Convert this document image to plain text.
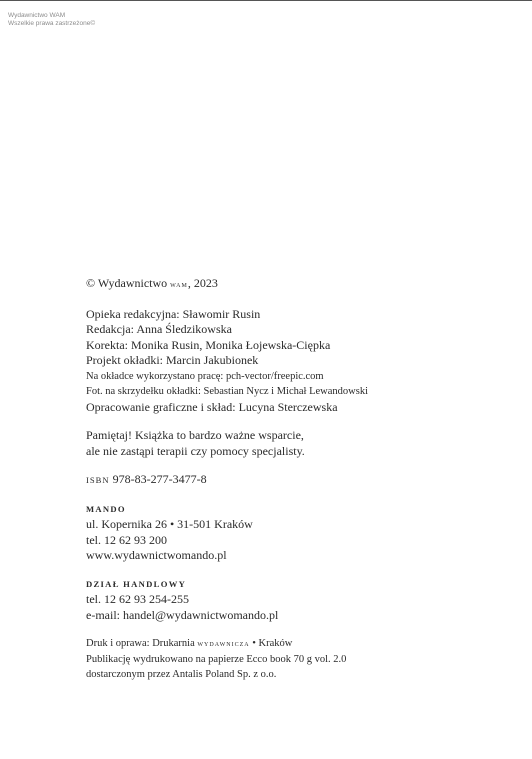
Wydawnictwo WAM
Wszelkie prawa zastrzeżone©
© Wydawnictwo wam, 2023
Opieka redakcyjna: Sławomir Rusin
Redakcja: Anna Śledzikowska
Korekta: Monika Rusin, Monika Łojewska-Ciępka
Projekt okładki: Marcin Jakubionek
Na okładce wykorzystano pracę: pch-vector/freepic.com
Fot. na skrzydełku okładki: Sebastian Nycz i Michał Lewandowski
Opracowanie graficzne i skład: Lucyna Sterczewska
Pamiętaj! Książka to bardzo ważne wsparcie,
ale nie zastąpi terapii czy pomocy specjalisty.
ISBN 978-83-277-3477-8
MANDO
ul. Kopernika 26 • 31-501 Kraków
tel. 12 62 93 200
www.wydawnictwomando.pl
DZIAŁ HANDLOWY
tel. 12 62 93 254-255
e-mail: handel@wydawnictwomando.pl
Druk i oprawa: Drukarnia wydawnicza • Kraków
Publikację wydrukowano na papierze Ecco book 70 g vol. 2.0
dostarczonym przez Antalis Poland Sp. z o.o.
